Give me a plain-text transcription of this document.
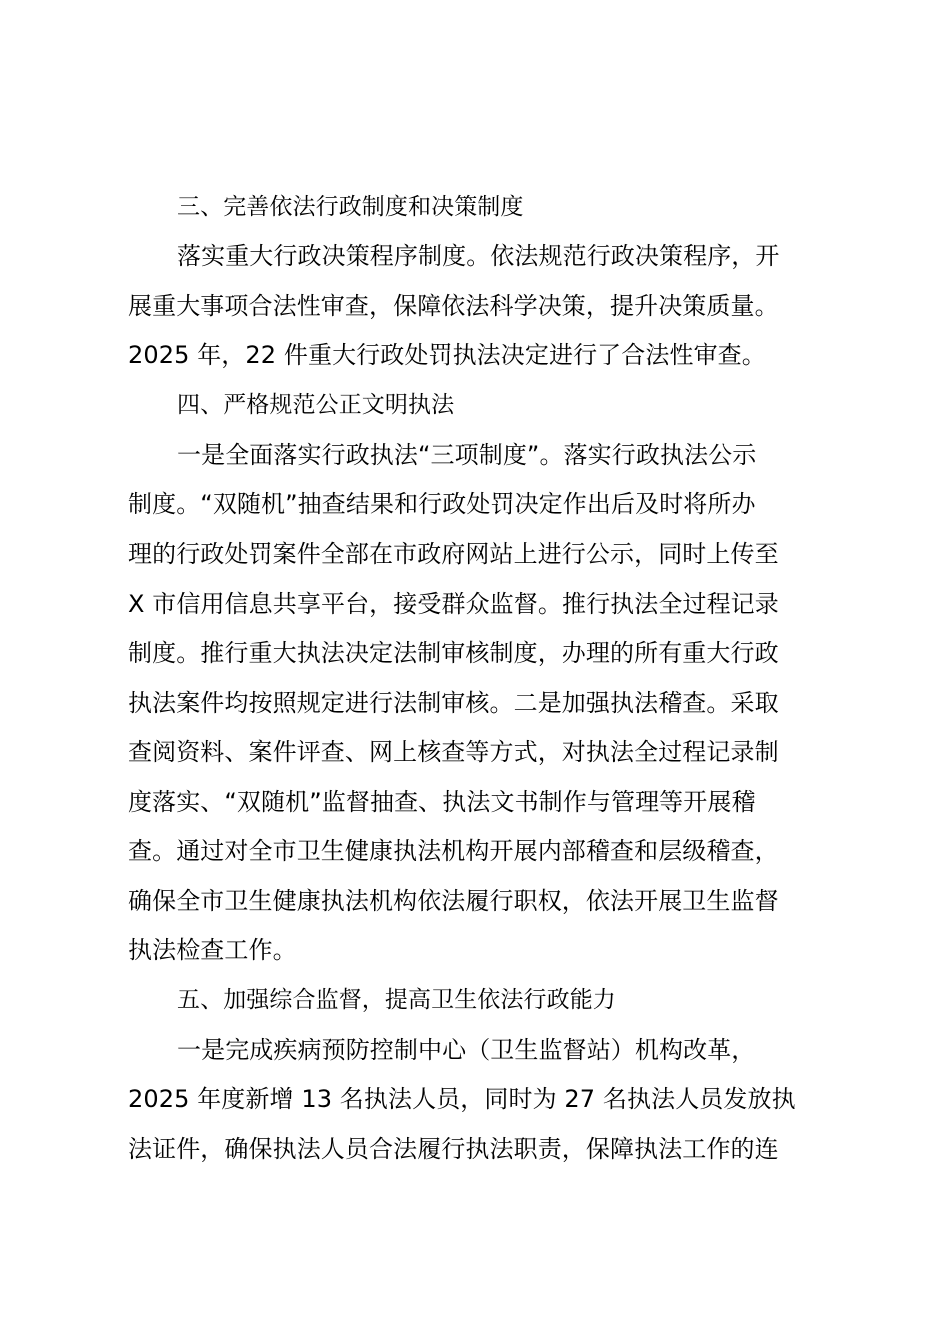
三、完善依法行政制度和决策制度
落实重大行政决策程序制度。依法规范行政决策程序，开
展重大事项合法性审查，保障依法科学决策，提升决策质量。
2025 年，22 件重大行政处罚执法决定进行了合法性审查。
四、严格规范公正文明执法
一是全面落实行政执法“三项制度”。落实行政执法公示
制度。“双随机”抽查结果和行政处罚决定作出后及时将所办
理的行政处罚案件全部在市政府网站上进行公示，同时上传至
X 市信用信息共享平台，接受群众监督。推行执法全过程记录
制度。推行重大执法决定法制审核制度，办理的所有重大行政
执法案件均按照规定进行法制审核。二是加强执法稽查。采取
查阅资料、案件评查、网上核查等方式，对执法全过程记录制
度落实、“双随机”监督抽查、执法文书制作与管理等开展稽
查。通过对全市卫生健康执法机构开展内部稽查和层级稽查，
确保全市卫生健康执法机构依法履行职权，依法开展卫生监督
执法检查工作。
五、加强综合监督，提高卫生依法行政能力
一是完成疾病预防控制中心（卫生监督站）机构改革，
2025 年度新增 13 名执法人员，同时为 27 名执法人员发放执
法证件，确保执法人员合法履行执法职责，保障执法工作的连
